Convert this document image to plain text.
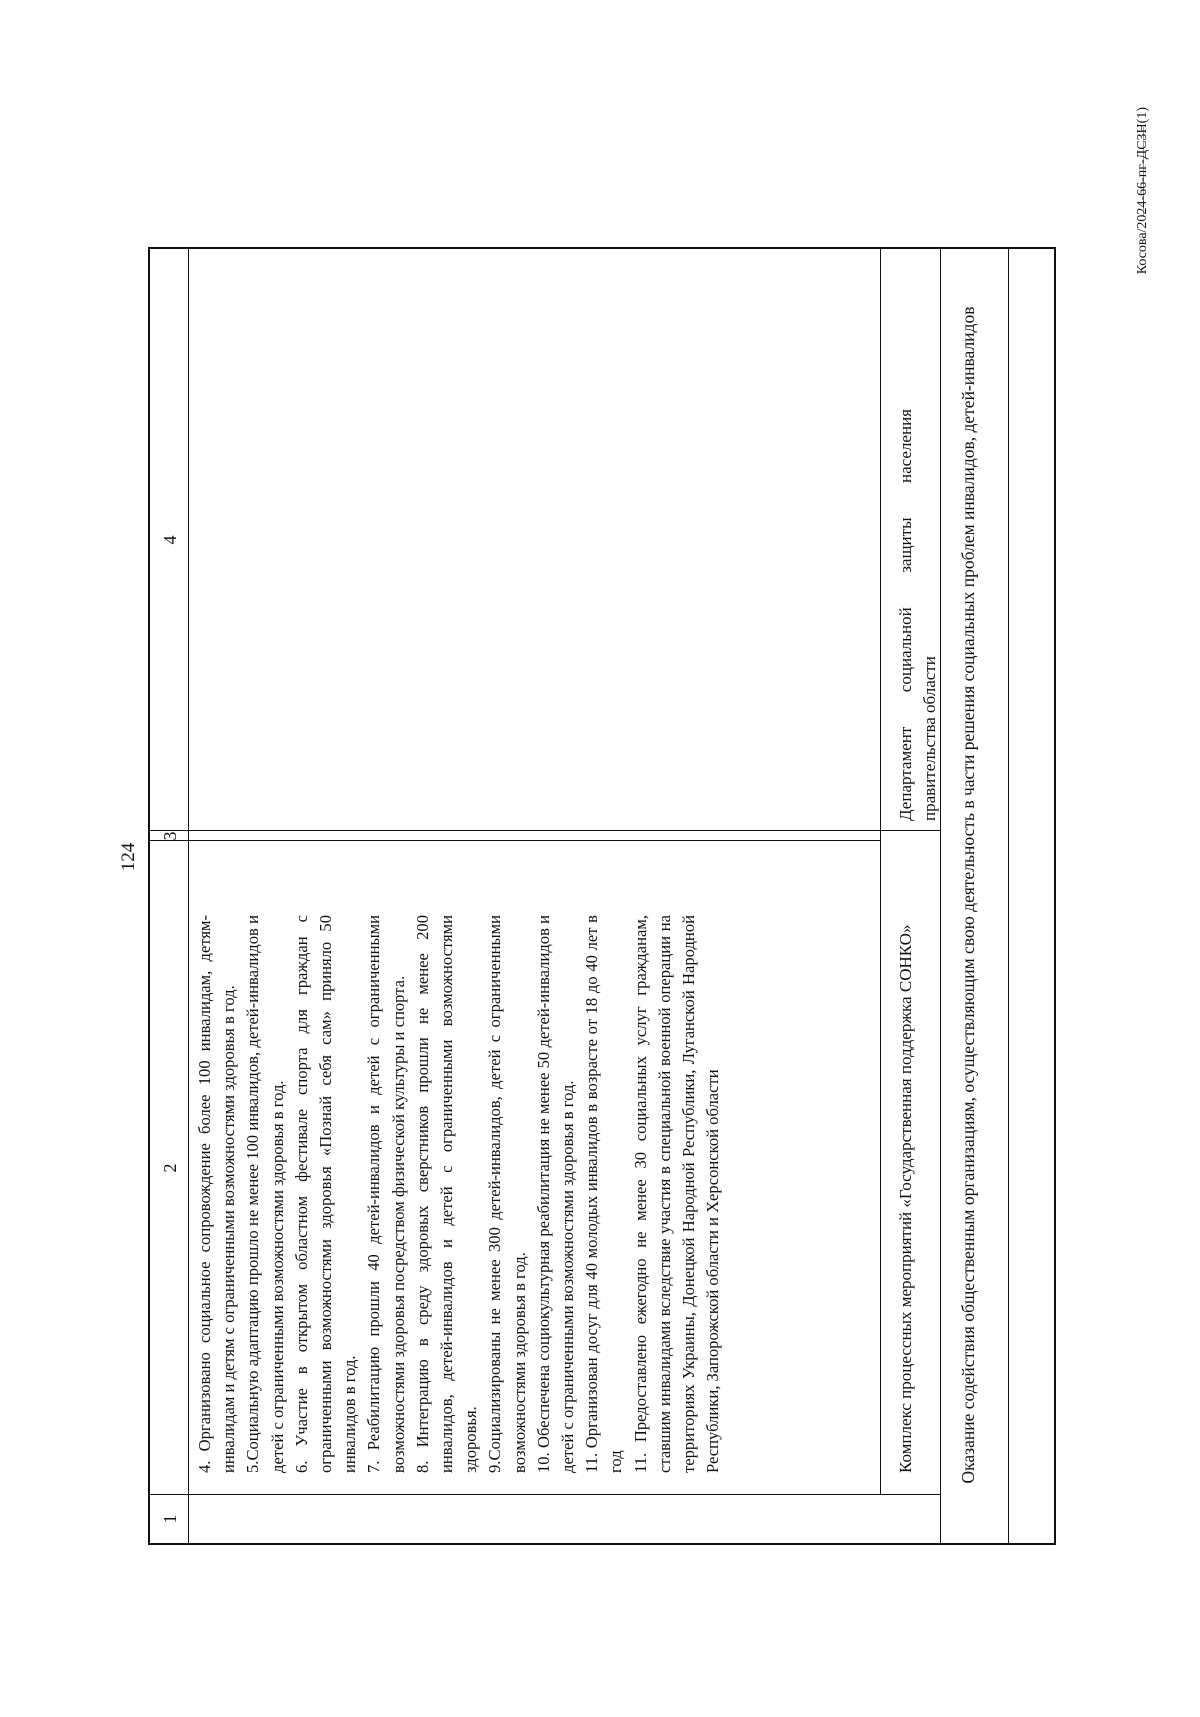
124
1
2
3
4
4. Организовано социальное сопровождение более 100 инвалидам, детям-инвалидам и детям с ограниченными возможностями здоровья в год. 5.Социальную адаптацию прошло не менее 100 инвалидов, детей-инвалидов и детей с ограниченными возможностями здоровья в год. 6. Участие в открытом областном фестивале спорта для граждан с ограниченными возможностями здоровья «Познай себя сам» приняло 50 инвалидов в год. 7. Реабилитацию прошли 40 детей-инвалидов и детей с ограниченными возможностями здоровья посредством физической культуры и спорта. 8. Интеграцию в среду здоровых сверстников прошли не менее 200 инвалидов, детей-инвалидов и детей с ограниченными возможностями здоровья. 9.Социализированы не менее 300 детей-инвалидов, детей с ограниченными возможностями здоровья в год. 10. Обеспечена социокультурная реабилитация не менее 50 детей-инвалидов и детей с ограниченными возможностями здоровья в год. 11. Организован досуг для 40 молодых инвалидов в возрасте от 18 до 40 лет в год 11. Предоставлено ежегодно не менее 30 социальных услуг гражданам, ставшим инвалидами вследствие участия в специальной военной операции на территориях Украины, Донецкой Народной Республики, Луганской Народной Республики, Запорожской области и Херсонской области	Комплекс процессных мероприятий «Государственная поддержка СОНКО»
Департамент социальной защиты населения правительства области Оказание содействия общественным организациям, осуществляющим свою деятельность в части решения социальных проблем инвалидов, детей-инвалидов
Косова/2024-66-пг-ДСЗН(1)
